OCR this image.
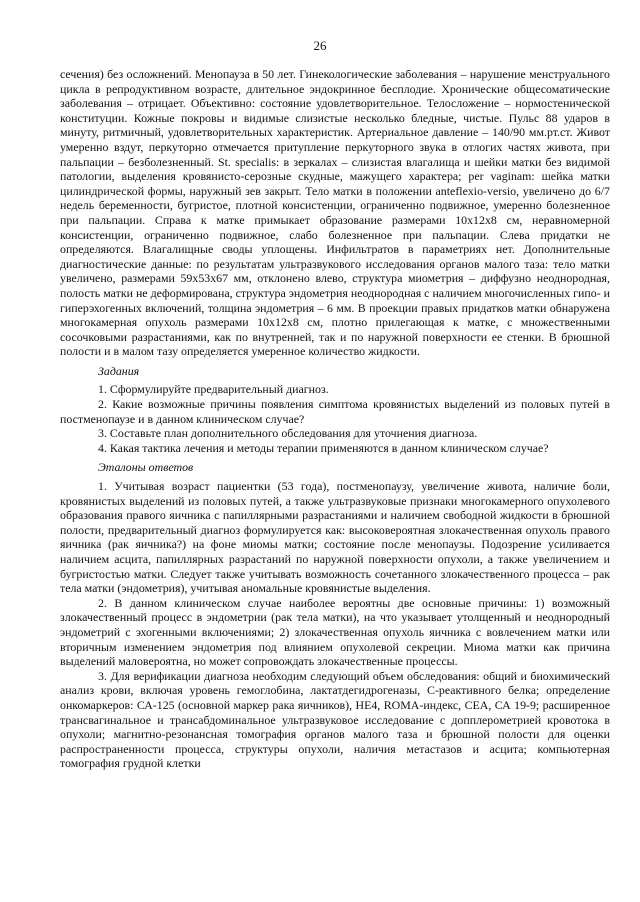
26

сечения) без осложнений. Менопауза в 50 лет. Гинекологические заболевания – нарушение менструального цикла в репродуктивном возрасте, длительное эндокринное бесплодие. Хронические общесоматические заболевания – отрицает. Объективно: состояние удовлетворительное. Телосложение – нормостенической конституции. Кожные покровы и видимые слизистые несколько бледные, чистые. Пульс 88 ударов в минуту, ритмичный, удовлетворительных характеристик. Артериальное давление – 140/90 мм.рт.ст. Живот умеренно вздут, перкуторно отмечается притупление перкуторного звука в отлогих частях живота, при пальпации – безболезненный. St. specialis: в зеркалах – слизистая влагалища и шейки матки без видимой патологии, выделения кровянисто-серозные скудные, мажущего характера; per vaginam: шейка матки цилиндрической формы, наружный зев закрыт. Тело матки в положении anteflexio-versio, увеличено до 6/7 недель беременности, бугристое, плотной консистенции, ограниченно подвижное, умеренно болезненное при пальпации. Справа к матке примыкает образование размерами 10х12х8 см, неравномерной консистенции, ограниченно подвижное, слабо болезненное при пальпации. Слева придатки не определяются. Влагалищные своды уплощены. Инфильтратов в параметриях нет. Дополнительные диагностические данные: по результатам ультразвукового исследования органов малого таза: тело матки увеличено, размерами 59х53х67 мм, отклонено влево, структура миометрия – диффузно неоднородная, полость матки не деформирована, структура эндометрия неоднородная с наличием многочисленных гипо- и гиперэхогенных включений, толщина эндометрия – 6 мм. В проекции правых придатков матки обнаружена многокамерная опухоль размерами 10х12х8 см, плотно прилегающая к матке, с множественными сосочковыми разрастаниями, как по внутренней, так и по наружной поверхности ее стенки. В брюшной полости и в малом тазу определяется умеренное количество жидкости.

Задания

1. Сформулируйте предварительный диагноз.

2. Какие возможные причины появления симптома кровянистых выделений из половых путей в постменопаузе и в данном клиническом случае?

3. Составьте план дополнительного обследования для уточнения диагноза.

4. Какая тактика лечения и методы терапии применяются в данном клиническом случае?

Эталоны ответов

1. Учитывая возраст пациентки (53 года), постменопаузу, увеличение живота, наличие боли, кровянистых выделений из половых путей, а также ультразвуковые признаки многокамерного опухолевого образования правого яичника с папиллярными разрастаниями и наличием свободной жидкости в брюшной полости, предварительный диагноз формулируется как: высоковероятная злокачественная опухоль правого яичника (рак яичника?) на фоне миомы матки; состояние после менопаузы. Подозрение усиливается наличием асцита, папиллярных разрастаний по наружной поверхности опухоли, а также увеличением и бугристостью матки. Следует также учитывать возможность сочетанного злокачественного процесса – рак тела матки (эндометрия), учитывая аномальные кровянистые выделения.

2. В данном клиническом случае наиболее вероятны две основные причины: 1) возможный злокачественный процесс в эндометрии (рак тела матки), на что указывает утолщенный и неоднородный эндометрий с эхогенными включениями; 2) злокачественная опухоль яичника с вовлечением матки или вторичным изменением эндометрия под влиянием опухолевой секреции. Миома матки как причина выделений маловероятна, но может сопровождать злокачественные процессы.

3. Для верификации диагноза необходим следующий объем обследования: общий и биохимический анализ крови, включая уровень гемоглобина, лактатдегидрогеназы, С-реактивного белка; определение онкомаркеров: СА-125 (основной маркер рака яичников), НЕ4, ROMA-индекс, СЕА, СА 19-9; расширенное трансвагинальное и трансабдоминальное ультразвуковое исследование с допплерометрией кровотока в опухоли; магнитно-резонансная томография органов малого таза и брюшной полости для оценки распространенности процесса, структуры опухоли, наличия метастазов и асцита; компьютерная томография грудной клетки
